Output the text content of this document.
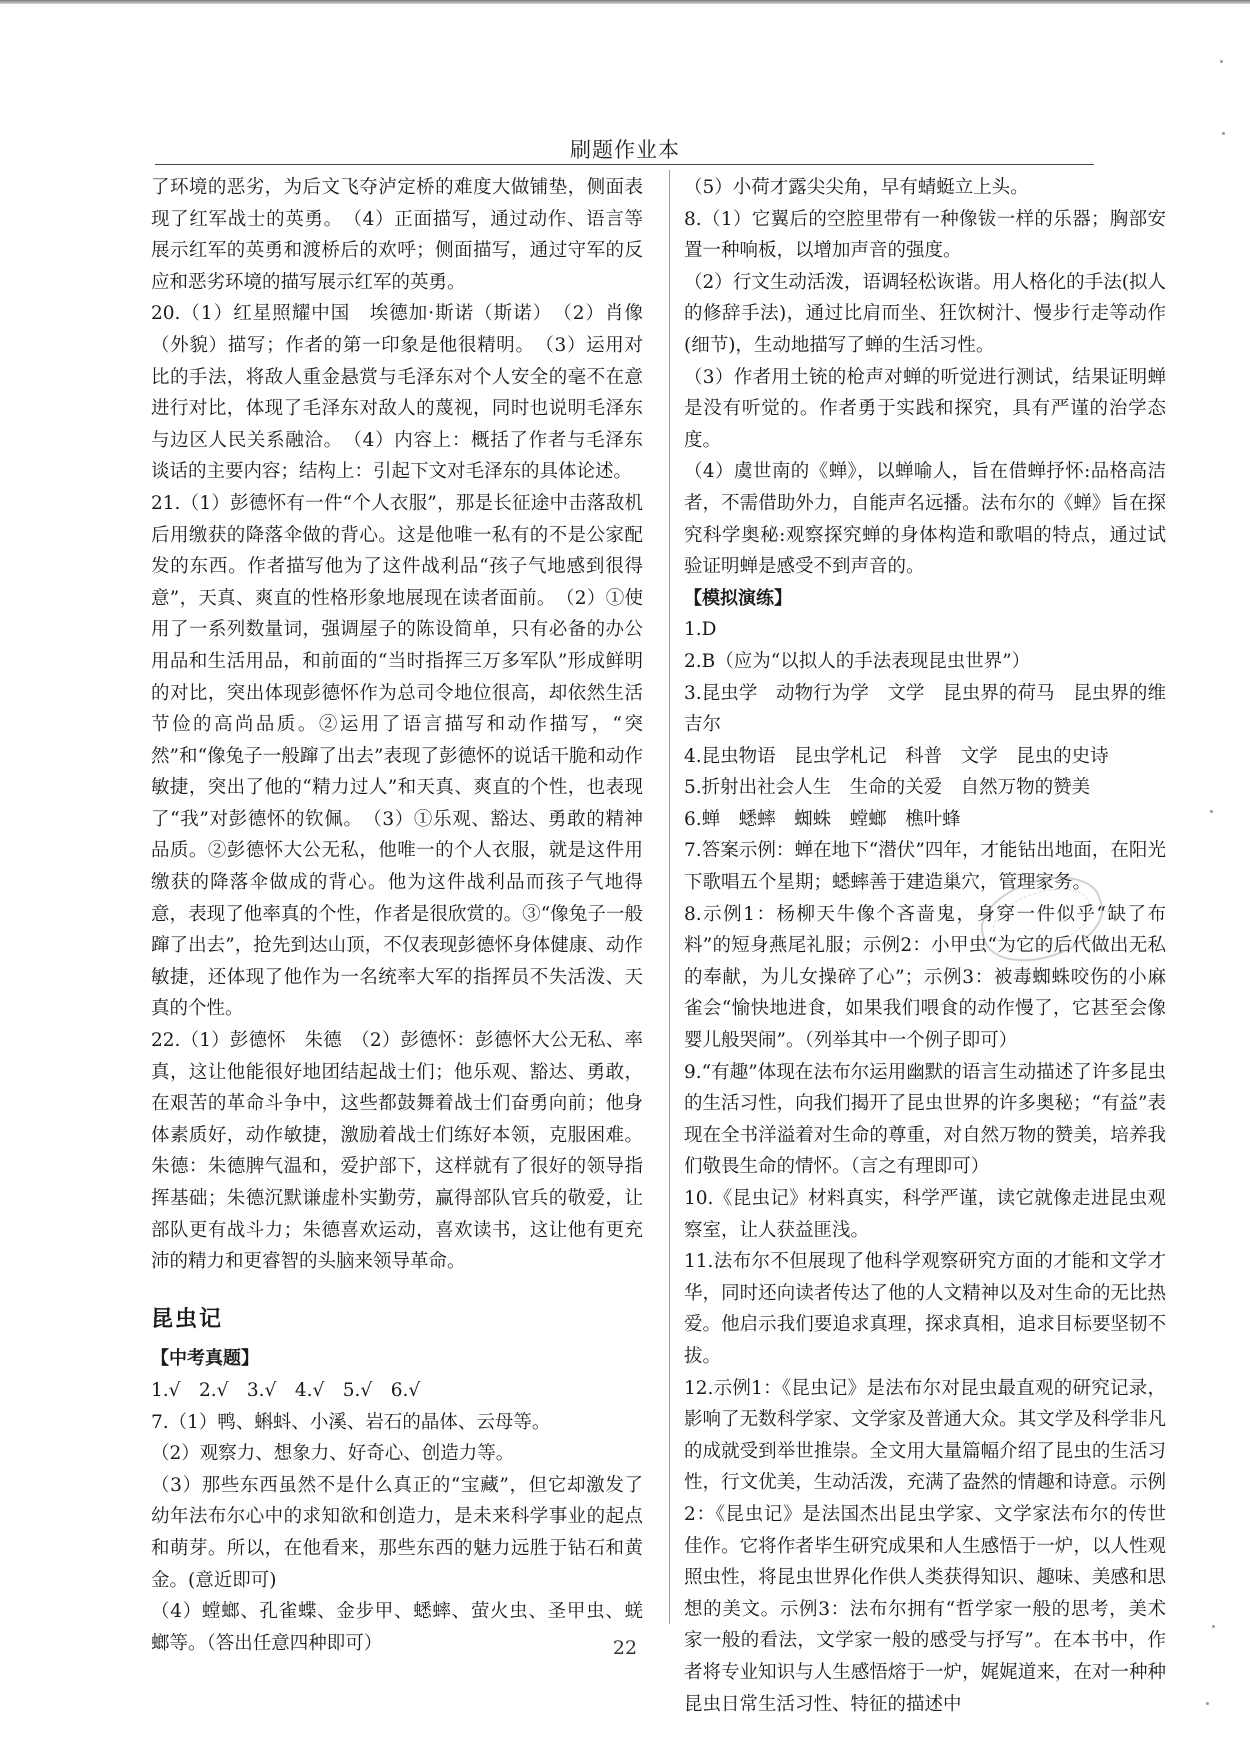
刷题作业本

了环境的恶劣，为后文飞夺泸定桥的难度大做铺垫，侧面表现了红军战士的英勇。　（4）正面描写，通过动作、语言等展示红军的英勇和渡桥后的欢呼；侧面描写，通过守军的反应和恶劣环境的描写展示红军的英勇。

20.（1）红星照耀中国　埃德加·斯诺（斯诺）　（2）肖像（外貌）描写；作者的第一印象是他很精明。　（3）运用对比的手法，将敌人重金悬赏与毛泽东对个人安全的毫不在意进行对比，体现了毛泽东对敌人的蔑视，同时也说明毛泽东与边区人民关系融洽。　（4）内容上：概括了作者与毛泽东谈话的主要内容；结构上：引起下文对毛泽东的具体论述。

21.（1）彭德怀有一件“个人衣服”，那是长征途中击落敌机后用缴获的降落伞做的背心。这是他唯一私有的不是公家配发的东西。作者描写他为了这件战利品“孩子气地感到很得意”，天真、爽直的性格形象地展现在读者面前。　（2）①使用了一系列数量词，强调屋子的陈设简单，只有必备的办公用品和生活用品，和前面的“当时指挥三万多军队”形成鲜明的对比，突出体现彭德怀作为总司令地位很高，却依然生活节俭的高尚品质。②运用了语言描写和动作描写，“突然”和“像兔子一般蹿了出去”表现了彭德怀的说话干脆和动作敏捷，突出了他的“精力过人”和天真、爽直的个性，也表现了“我”对彭德怀的钦佩。　（3）①乐观、豁达、勇敢的精神品质。②彭德怀大公无私，他唯一的个人衣服，就是这件用缴获的降落伞做成的背心。他为这件战利品而孩子气地得意，表现了他率真的个性，作者是很欣赏的。③“像兔子一般蹿了出去”，抢先到达山顶，不仅表现彭德怀身体健康、动作敏捷，还体现了他作为一名统率大军的指挥员不失活泼、天真的个性。

22.（1）彭德怀　朱德　（2）彭德怀：彭德怀大公无私、率真，这让他能很好地团结起战士们；他乐观、豁达、勇敢，在艰苦的革命斗争中，这些都鼓舞着战士们奋勇向前；他身体素质好，动作敏捷，激励着战士们练好本领，克服困难。朱德：朱德脾气温和，爱护部下，这样就有了很好的领导指挥基础；朱德沉默谦虚朴实勤劳，赢得部队官兵的敬爱，让部队更有战斗力；朱德喜欢运动，喜欢读书，这让他有更充沛的精力和更睿智的头脑来领导革命。

昆虫记

【中考真题】

1.√　2.√　3.√　4.√　5.√　6.√

7.（1）鸭、蝌蚪、小溪、岩石的晶体、云母等。

（2）观察力、想象力、好奇心、创造力等。

（3）那些东西虽然不是什么真正的“宝藏”，但它却激发了幼年法布尔心中的求知欲和创造力，是未来科学事业的起点和萌芽。所以，在他看来，那些东西的魅力远胜于钻石和黄金。(意近即可)

（4）螳螂、孔雀蝶、金步甲、蟋蟀、萤火虫、圣甲虫、蜣螂等。（答出任意四种即可）

（5）小荷才露尖尖角，早有蜻蜓立上头。

8.（1）它翼后的空腔里带有一种像钹一样的乐器；胸部安置一种响板，以增加声音的强度。

（2）行文生动活泼，语调轻松诙谐。用人格化的手法(拟人的修辞手法)，通过比肩而坐、狂饮树汁、慢步行走等动作(细节)，生动地描写了蝉的生活习性。

（3）作者用土铳的枪声对蝉的听觉进行测试，结果证明蝉是没有听觉的。作者勇于实践和探究，具有严谨的治学态度。

（4）虞世南的《蝉》，以蝉喻人，旨在借蝉抒怀:品格高洁者，不需借助外力，自能声名远播。法布尔的《蝉》旨在探究科学奥秘:观察探究蝉的身体构造和歌唱的特点，通过试验证明蝉是感受不到声音的。

【模拟演练】

1.D

2.B（应为“以拟人的手法表现昆虫世界”）

3.昆虫学　动物行为学　文学　昆虫界的荷马　昆虫界的维吉尔

4.昆虫物语　昆虫学札记　科普　文学　昆虫的史诗

5.折射出社会人生　生命的关爱　自然万物的赞美

6.蝉　蟋蟀　蜘蛛　螳螂　樵叶蜂

7.答案示例：蝉在地下“潜伏”四年，才能钻出地面，在阳光下歌唱五个星期；蟋蟀善于建造巢穴，管理家务。

8.示例1：杨柳天牛像个吝啬鬼，身穿一件似乎“缺了布料”的短身燕尾礼服；示例2：小甲虫“为它的后代做出无私的奉献，为儿女操碎了心”；示例3：被毒蜘蛛咬伤的小麻雀会“愉快地进食，如果我们喂食的动作慢了，它甚至会像婴儿般哭闹”。（列举其中一个例子即可）

9.“有趣”体现在法布尔运用幽默的语言生动描述了许多昆虫的生活习性，向我们揭开了昆虫世界的许多奥秘；“有益”表现在全书洋溢着对生命的尊重，对自然万物的赞美，培养我们敬畏生命的情怀。（言之有理即可）

10.《昆虫记》材料真实，科学严谨，读它就像走进昆虫观察室，让人获益匪浅。

11.法布尔不但展现了他科学观察研究方面的才能和文学才华，同时还向读者传达了他的人文精神以及对生命的无比热爱。他启示我们要追求真理，探求真相，追求目标要坚韧不拔。

12.示例1：《昆虫记》是法布尔对昆虫最直观的研究记录，影响了无数科学家、文学家及普通大众。其文学及科学非凡的成就受到举世推崇。全文用大量篇幅介绍了昆虫的生活习性，行文优美，生动活泼，充满了盎然的情趣和诗意。示例2：《昆虫记》是法国杰出昆虫学家、文学家法布尔的传世佳作。它将作者毕生研究成果和人生感悟于一炉，以人性观照虫性，将昆虫世界化作供人类获得知识、趣味、美感和思想的美文。示例3：法布尔拥有“哲学家一般的思考，美术家一般的看法，文学家一般的感受与抒写”。在本书中，作者将专业知识与人生感悟熔于一炉，娓娓道来，在对一种种昆虫日常生活习性、特征的描述中

22
